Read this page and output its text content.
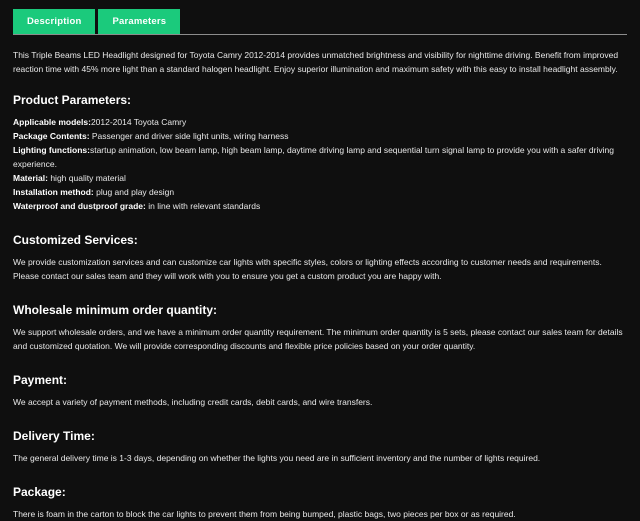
Description	Parameters

This Triple Beams LED Headlight designed for Toyota Camry 2012-2014 provides unmatched brightness and visibility for nighttime driving. Benefit from improved reaction time with 45% more light than a standard halogen headlight. Enjoy superior illumination and maximum safety with this easy to install headlight assembly.

Product Parameters:

Applicable models:2012-2014 Toyota Camry

Package Contents: Passenger and driver side light units, wiring harness

Lighting functions:startup animation, low beam lamp, high beam lamp, daytime driving lamp and sequential turn signal lamp to provide you with a safer driving experience.

Material: high quality material

Installation method: plug and play design

Waterproof and dustproof grade: in line with relevant standards

Customized Services:

We provide customization services and can customize car lights with specific styles, colors or lighting effects according to customer needs and requirements. Please contact our sales team and they will work with you to ensure you get a custom product you are happy with.

Wholesale minimum order quantity:

We support wholesale orders, and we have a minimum order quantity requirement. The minimum order quantity is 5 sets, please contact our sales team for details and customized quotation. We will provide corresponding discounts and flexible price policies based on your order quantity.

Payment:

We accept a variety of payment methods, including credit cards, debit cards, and wire transfers.

Delivery Time:

The general delivery time is 1-3 days, depending on whether the lights you need are in sufficient inventory and the number of lights required.

Package:

There is foam in the carton to block the car lights to prevent them from being bumped, plastic bags, two pieces per box or as required.
